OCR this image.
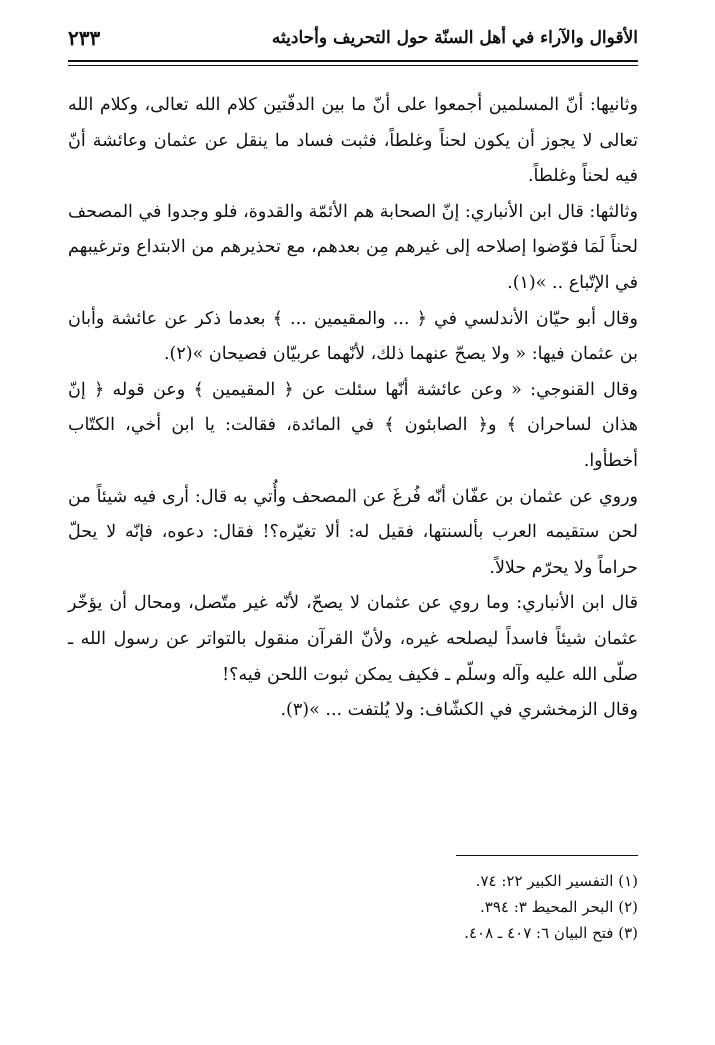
الأقوال والآراء في أهل السنّة حول التحريف وأحاديثه
٢٣٣

وثانيها: أنّ المسلمين أجمعوا على أنّ ما بين الدفّتين كلام الله تعالى، وكلام الله تعالى لا يجوز أن يكون لحناً وغلطاً، فثبت فساد ما ينقل عن عثمان وعائشة أنّ فيه لحناً وغلطاً.

وثالثها: قال ابن الأنباري: إنّ الصحابة هم الأئمّة والقدوة، فلو وجدوا في المصحف لحناً لَمَا فوّضوا إصلاحه إلى غيرهم مِن بعدهم، مع تحذيرهم من الابتداع وترغيبهم في الإتّباع .. »(١).

وقال أبو حيّان الأندلسي في ﴿ ... والمقيمين ... ﴾ بعدما ذكر عن عائشة وأبان بن عثمان فيها: « ولا يصحّ عنهما ذلك، لأنّهما عربيّان فصيحان »(٢).

وقال القنوجي: « وعن عائشة أنّها سئلت عن ﴿ المقيمين ﴾ وعن قوله ﴿ إنّ هذان لساحران ﴾ و﴿ الصابئون ﴾ في المائدة، فقالت: يا ابن أخي، الكتّاب أخطأوا.

وروي عن عثمان بن عفّان أنّه فُرغَ عن المصحف وأُتي به قال: أرى فيه شيئاً من لحن ستقيمه العرب بألسنتها، فقيل له: ألا تغيّره؟! فقال: دعوه، فإنّه لا يحلّ حراماً ولا يحرّم حلالاً.

قال ابن الأنباري: وما روي عن عثمان لا يصحّ، لأنّه غير متّصل، ومحال أن يؤخّر عثمان شيئاً فاسداً ليصلحه غيره، ولأنّ القرآن منقول بالتواتر عن رسول الله ـ صلّى الله عليه وآله وسلّم ـ فكيف يمكن ثبوت اللحن فيه؟!

وقال الزمخشري في الكشّاف: ولا يُلتفت ... »(٣).

(١) التفسير الكبير ٢٢: ٧٤.
(٢) البحر المحيط ٣: ٣٩٤.
(٣) فتح البيان ٦: ٤٠٧ ـ ٤٠٨.
